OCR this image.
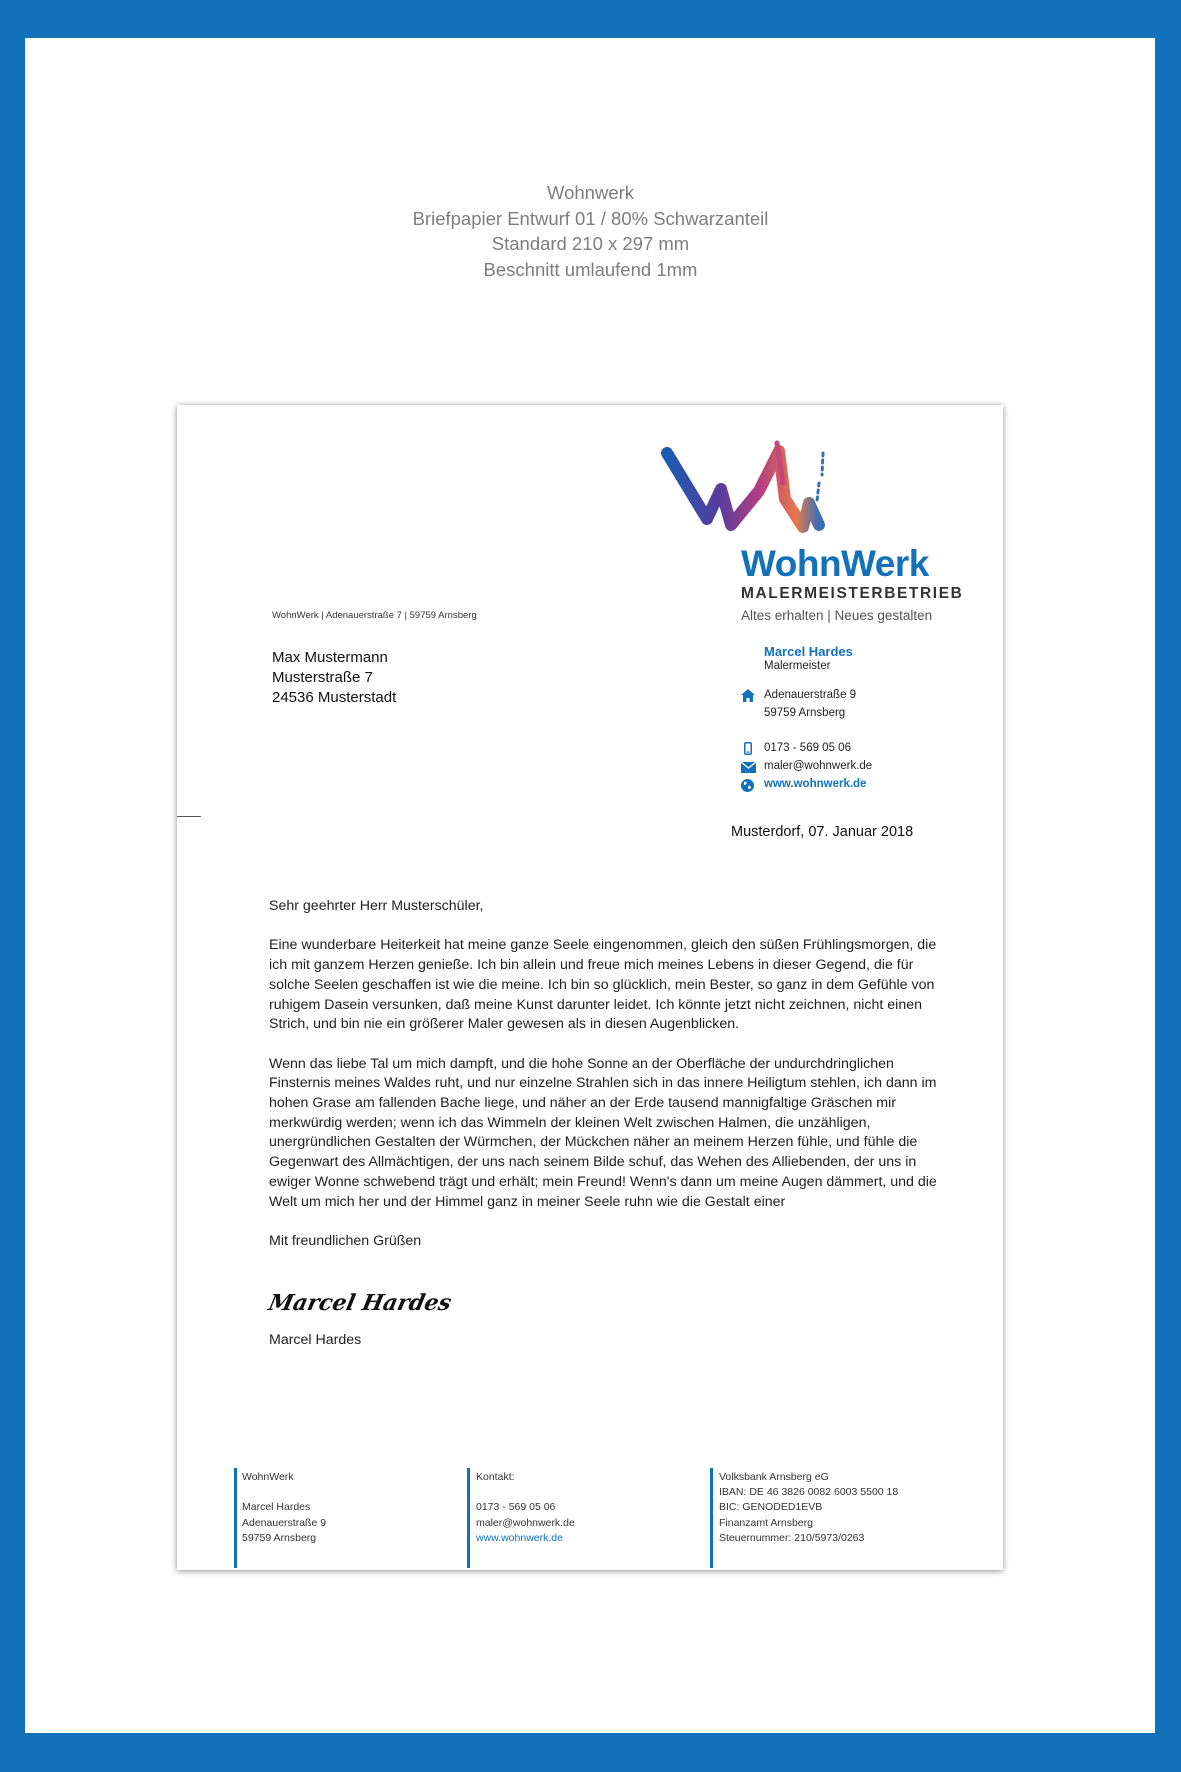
Wohnwerk
Briefpapier Entwurf 01 / 80% Schwarzanteil
Standard 210 x 297 mm
Beschnitt umlaufend 1mm
WohnWerk
MALERMEISTERBETRIEB
Altes erhalten | Neues gestalten
WohnWerk | Adenauerstraße 7 | 59759 Arnsberg
Max Mustermann
Musterstraße 7
24536 Musterstadt
Marcel Hardes
Malermeister
Adenauerstraße 9
59759 Arnsberg
0173 - 569 05 06
maler@wohnwerk.de
www.wohnwerk.de
Musterdorf, 07. Januar 2018

Sehr geehrter Herr Musterschüler,

Eine wunderbare Heiterkeit hat meine ganze Seele eingenommen, gleich den süßen Frühlingsmorgen, die ich mit ganzem Herzen genieße. Ich bin allein und freue mich meines Lebens in dieser Gegend, die für solche Seelen geschaffen ist wie die meine. Ich bin so glücklich, mein Bester, so ganz in dem Gefühle von ruhigem Dasein versunken, daß meine Kunst darunter leidet. Ich könnte jetzt nicht zeichnen, nicht einen Strich, und bin nie ein größerer Maler gewesen als in diesen Augenblicken.

Wenn das liebe Tal um mich dampft, und die hohe Sonne an der Oberfläche der undurchdringlichen Finsternis meines Waldes ruht, und nur einzelne Strahlen sich in das innere Heiligtum stehlen, ich dann im hohen Grase am fallenden Bache liege, und näher an der Erde tausend mannigfaltige Gräschen mir merkwürdig werden; wenn ich das Wimmeln der kleinen Welt zwischen Halmen, die unzähligen, unergründlichen Gestalten der Würmchen, der Mückchen näher an meinem Herzen fühle, und fühle die Gegenwart des Allmächtigen, der uns nach seinem Bilde schuf, das Wehen des Alliebenden, der uns in ewiger Wonne schwebend trägt und erhält; mein Freund! Wenn's dann um meine Augen dämmert, und die Welt um mich her und der Himmel ganz in meiner Seele ruhn wie die Gestalt einer

Mit freundlichen Grüßen

Marcel Hardes
Marcel Hardes
WohnWerk
Marcel Hardes
Adenauerstraße 9
59759 Arnsberg
Kontakt:
0173 - 569 05 06
maler@wohnwerk.de
www.wohnwerk.de
Volksbank Arnsberg eG
IBAN: DE 46 3826 0082 6003 5500 18
BIC: GENODED1EVB
Finanzamt Arnsberg
Steuernummer: 210/5973/0263
